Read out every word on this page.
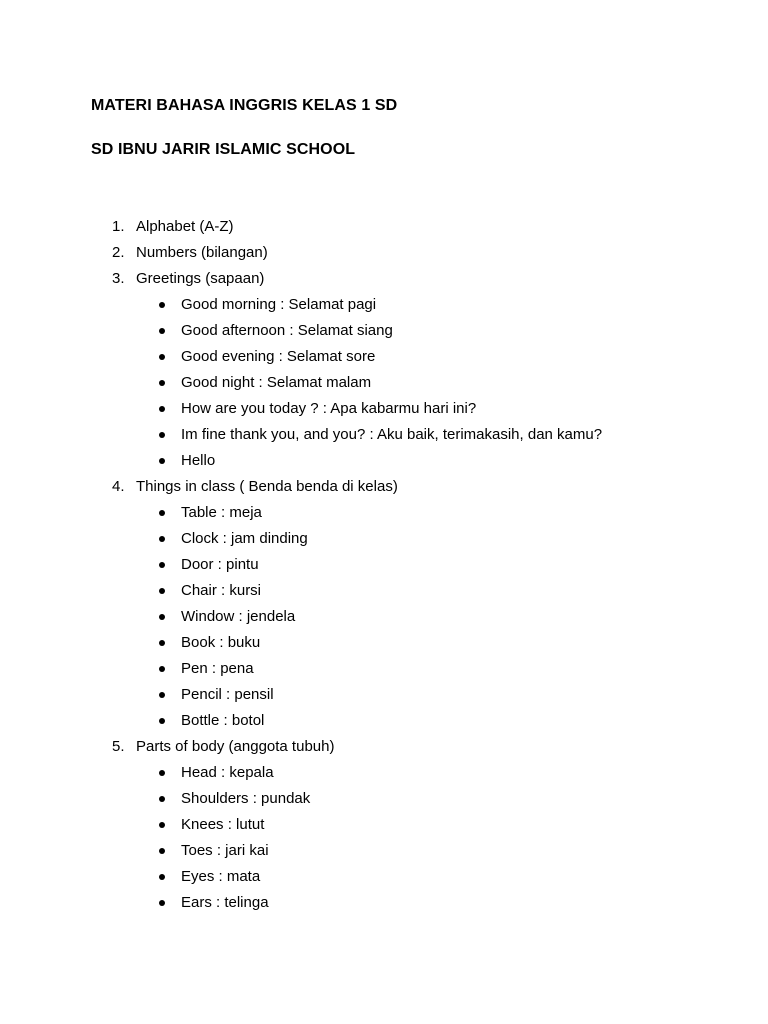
MATERI BAHASA INGGRIS KELAS 1 SD
SD IBNU JARIR ISLAMIC SCHOOL
1. Alphabet (A-Z)
2. Numbers (bilangan)
3. Greetings (sapaan)
Good morning : Selamat pagi
Good afternoon : Selamat siang
Good evening : Selamat sore
Good night : Selamat malam
How are you today ? : Apa kabarmu hari ini?
Im fine thank you, and you? : Aku baik, terimakasih, dan kamu?
Hello
4. Things in class ( Benda benda di kelas)
Table : meja
Clock : jam dinding
Door : pintu
Chair : kursi
Window : jendela
Book : buku
Pen : pena
Pencil : pensil
Bottle : botol
5. Parts of body (anggota tubuh)
Head : kepala
Shoulders : pundak
Knees : lutut
Toes : jari kai
Eyes : mata
Ears : telinga
